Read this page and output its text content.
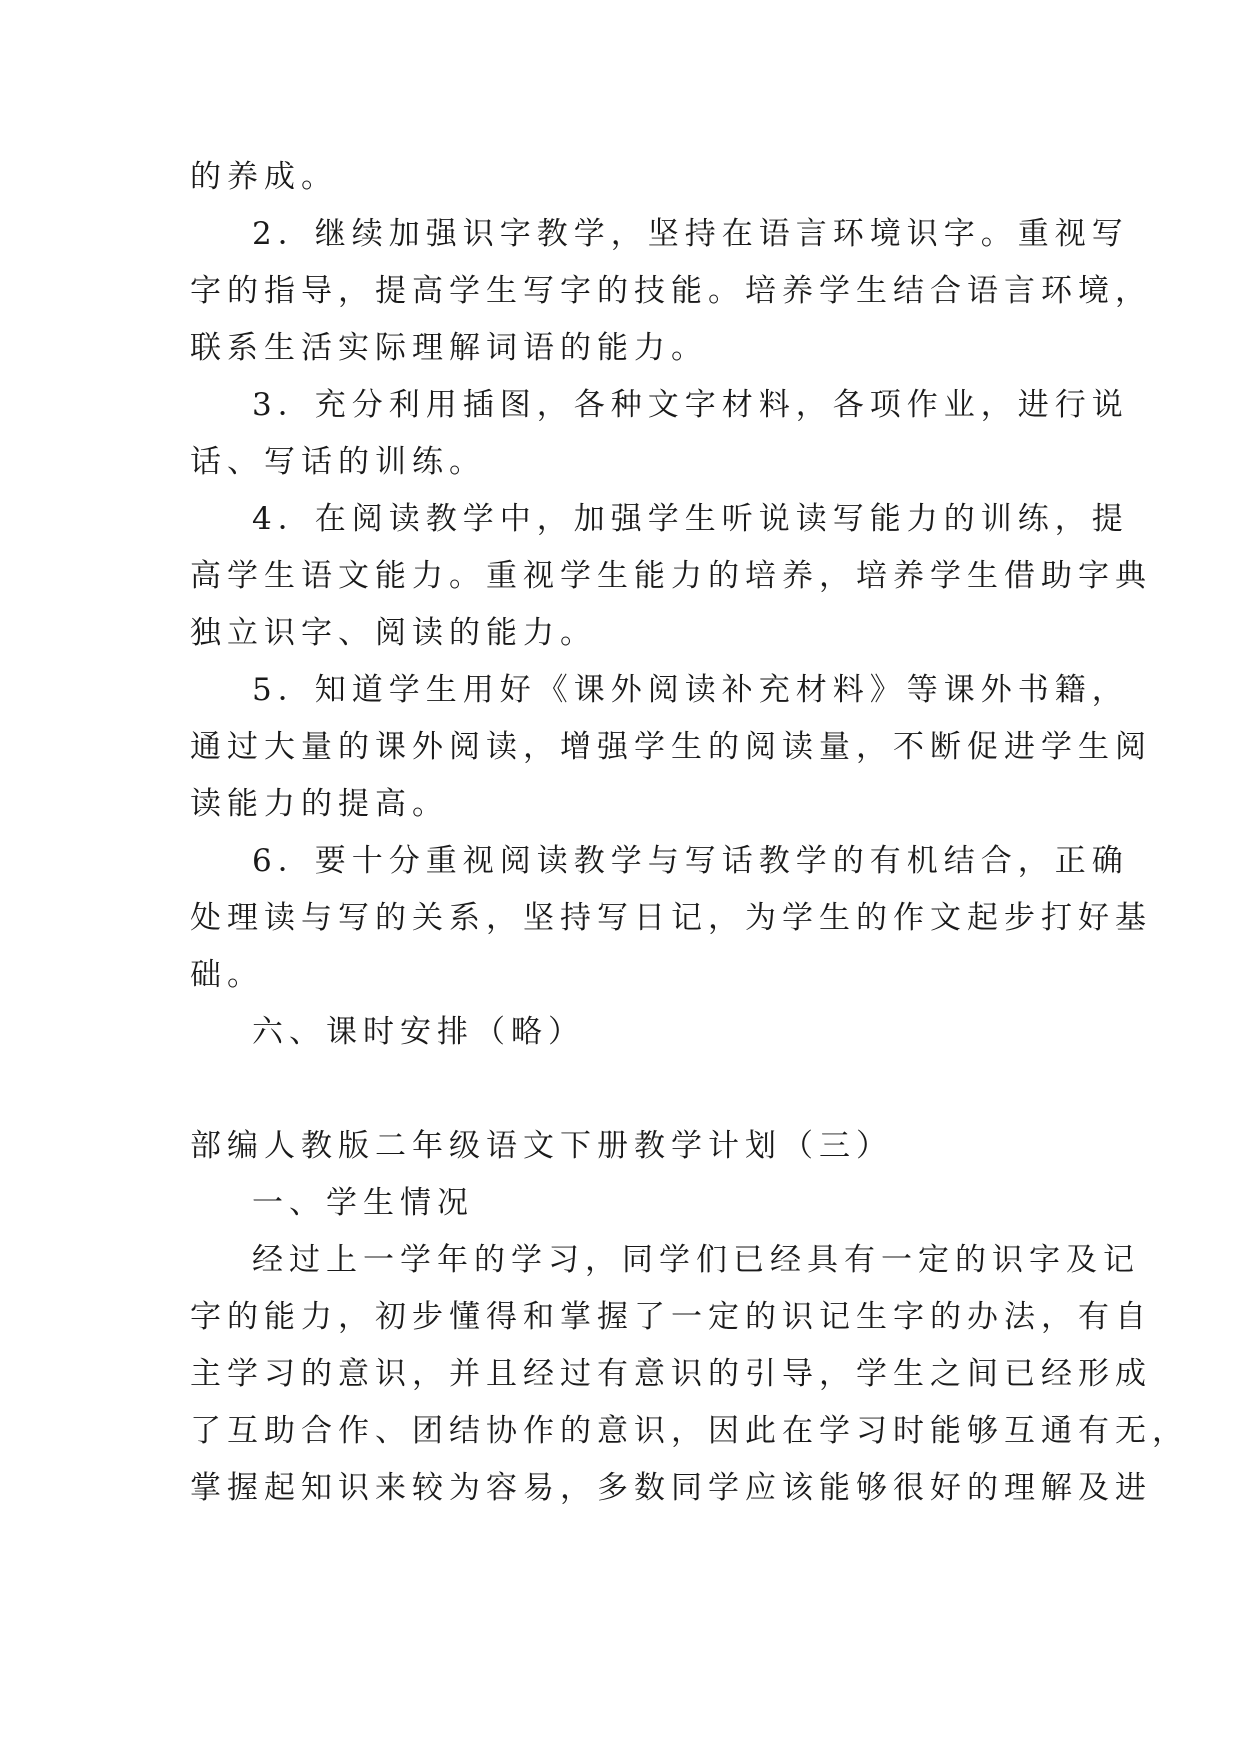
的养成。
2．继续加强识字教学，坚持在语言环境识字。重视写
字的指导，提高学生写字的技能。培养学生结合语言环境，
联系生活实际理解词语的能力。
3．充分利用插图，各种文字材料，各项作业，进行说
话、写话的训练。
4．在阅读教学中，加强学生听说读写能力的训练，提
高学生语文能力。重视学生能力的培养，培养学生借助字典
独立识字、阅读的能力。
5．知道学生用好《课外阅读补充材料》等课外书籍，
通过大量的课外阅读，增强学生的阅读量，不断促进学生阅
读能力的提高。
6．要十分重视阅读教学与写话教学的有机结合，正确
处理读与写的关系，坚持写日记，为学生的作文起步打好基
础。
六、课时安排（略）
部编人教版二年级语文下册教学计划（三）
一、学生情况
经过上一学年的学习，同学们已经具有一定的识字及记
字的能力，初步懂得和掌握了一定的识记生字的办法，有自
主学习的意识，并且经过有意识的引导，学生之间已经形成
了互助合作、团结协作的意识，因此在学习时能够互通有无，
掌握起知识来较为容易，多数同学应该能够很好的理解及进
